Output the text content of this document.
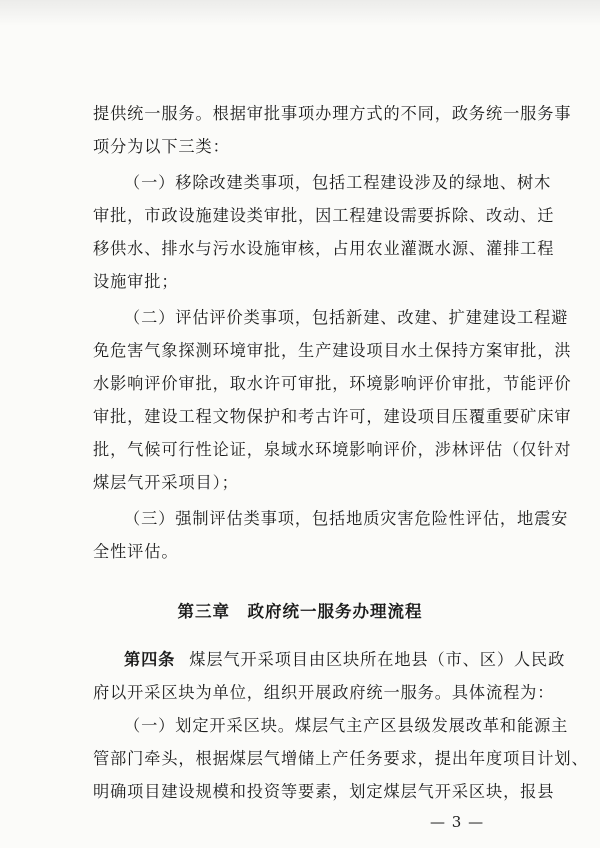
提供统一服务。根据审批事项办理方式的不同，政务统一服务事
项分为以下三类：
（一）移除改建类事项，包括工程建设涉及的绿地、树木
审批，市政设施建设类审批，因工程建设需要拆除、改动、迁
移供水、排水与污水设施审核，占用农业灌溉水源、灌排工程
设施审批；
（二）评估评价类事项，包括新建、改建、扩建建设工程避
免危害气象探测环境审批，生产建设项目水土保持方案审批，洪
水影响评价审批，取水许可审批，环境影响评价审批，节能评价
审批，建设工程文物保护和考古许可，建设项目压覆重要矿床审
批，气候可行性论证，泉域水环境影响评价，涉林评估（仅针对
煤层气开采项目）；
（三）强制评估类事项，包括地质灾害危险性评估，地震安
全性评估。
第三章　政府统一服务办理流程
第四条 煤层气开采项目由区块所在地县（市、区）人民政
府以开采区块为单位，组织开展政府统一服务。具体流程为：
（一）划定开采区块。煤层气主产区县级发展改革和能源主
管部门牵头，根据煤层气增储上产任务要求，提出年度项目计划、
明确项目建设规模和投资等要素，划定煤层气开采区块，报县
— 3 —
